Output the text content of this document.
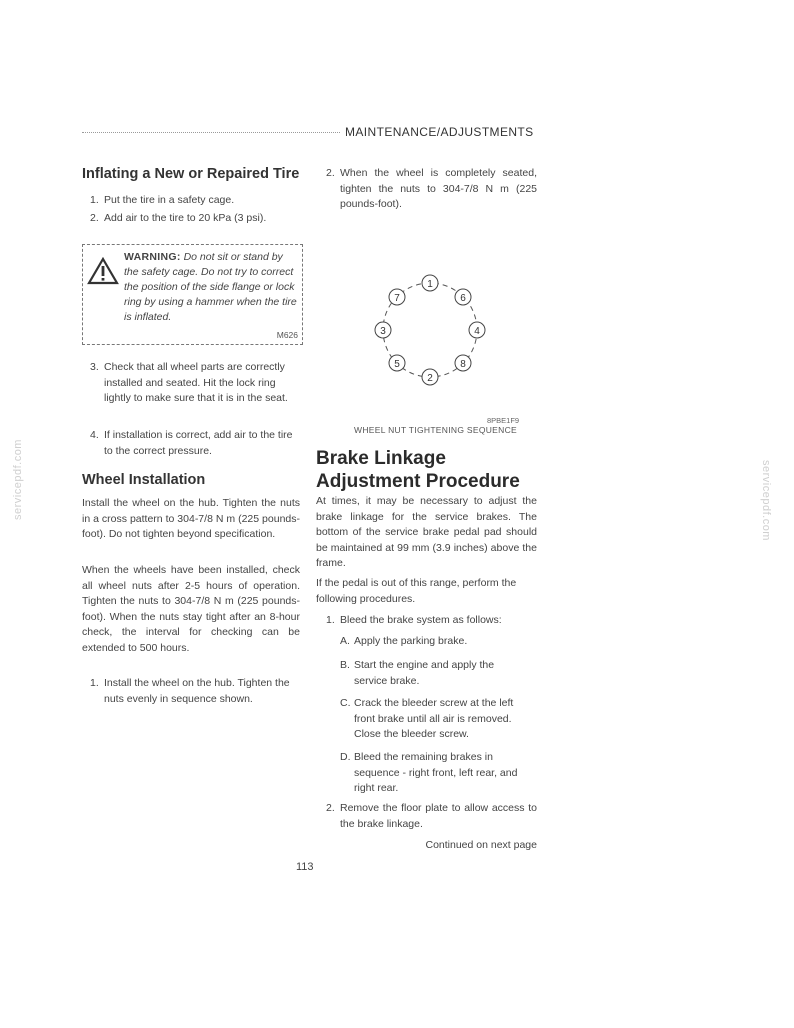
MAINTENANCE/ADJUSTMENTS
Inflating a New or Repaired Tire
1. Put the tire in a safety cage.
2. Add air to the tire to 20 kPa (3 psi).
WARNING: Do not sit or stand by the safety cage. Do not try to correct the position of the side flange or lock ring by using a hammer when the tire is inflated.
M626
3. Check that all wheel parts are correctly installed and seated. Hit the lock ring lightly to make sure that it is in the seat.
4. If installation is correct, add air to the tire to the correct pressure.
Wheel Installation
Install the wheel on the hub. Tighten the nuts in a cross pattern to 304-7/8 N m (225 pounds-foot). Do not tighten beyond specification.
When the wheels have been installed, check all wheel nuts after 2-5 hours of operation. Tighten the nuts to 304-7/8 N m (225 pounds-foot). When the nuts stay tight after an 8-hour check, the interval for checking can be extended to 500 hours.
1. Install the wheel on the hub. Tighten the nuts evenly in sequence shown.
2. When the wheel is completely seated, tighten the nuts to 304-7/8 N m (225 pounds-foot).
1
6
4
8
2
5
3
7
8PBE1F9
WHEEL NUT TIGHTENING SEQUENCE
Brake Linkage Adjustment Procedure
At times, it may be necessary to adjust the brake linkage for the service brakes. The bottom of the service brake pedal pad should be maintained at 99 mm (3.9 inches) above the frame.
If the pedal is out of this range, perform the following procedures.
1. Bleed the brake system as follows:
A. Apply the parking brake.
B. Start the engine and apply the service brake.
C. Crack the bleeder screw at the left front brake until all air is removed. Close the bleeder screw.
D. Bleed the remaining brakes in sequence - right front, left rear, and right rear.
2. Remove the floor plate to allow access to the brake linkage.
Continued on next page
113
servicepdf.com	servicepdf.com
